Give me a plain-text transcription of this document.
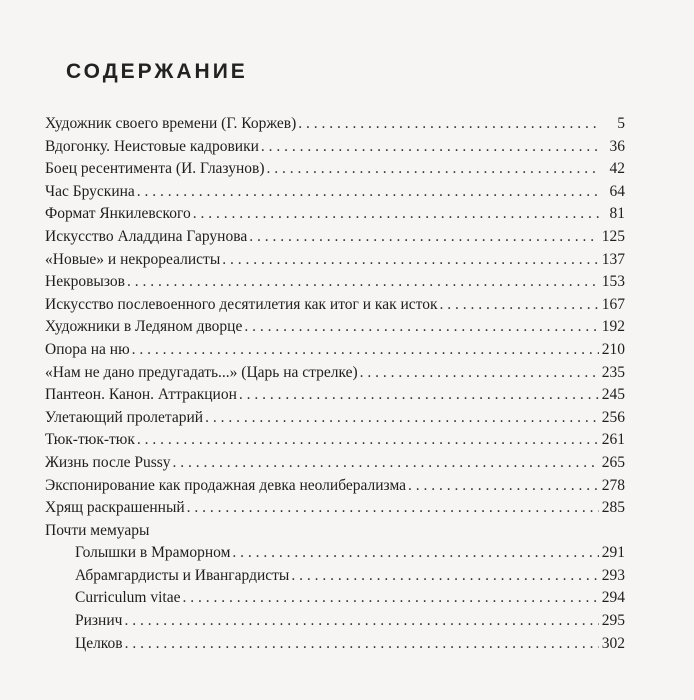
СОДЕРЖАНИЕ
Художник своего времени (Г. Коржев) . . .	5
Вдогонку. Неистовые кадровики . . .	36
Боец ресентимента (И. Глазунов) . . .	42
Час Брускина . . .	64
Формат Янкилевского . . .	81
Искусство Аладдина Гарунова . . .	125
«Новые» и некрореалисты . . .	137
Некровызов . . .	153
Искусство послевоенного десятилетия как итог и как исток . . .	167
Художники в Ледяном дворце . . .	192
Опора на ню . . .	210
«Нам не дано предугадать...» (Царь на стрелке) . . .	235
Пантеон. Канон. Аттракцион . . .	245
Улетающий пролетарий . . .	256
Тюк-тюк-тюк . . .	261
Жизнь после Pussy . . .	265
Экспонирование как продажная девка неолиберализма . . .	278
Хрящ раскрашенный . . .	285
Почти мемуары
Голышки в Мраморном . . .	291
Абрамгардисты и Ивангардисты . . .	293
Curriculum vitae . . .	294
Ризнич . . .	295
Целков . . .	302
